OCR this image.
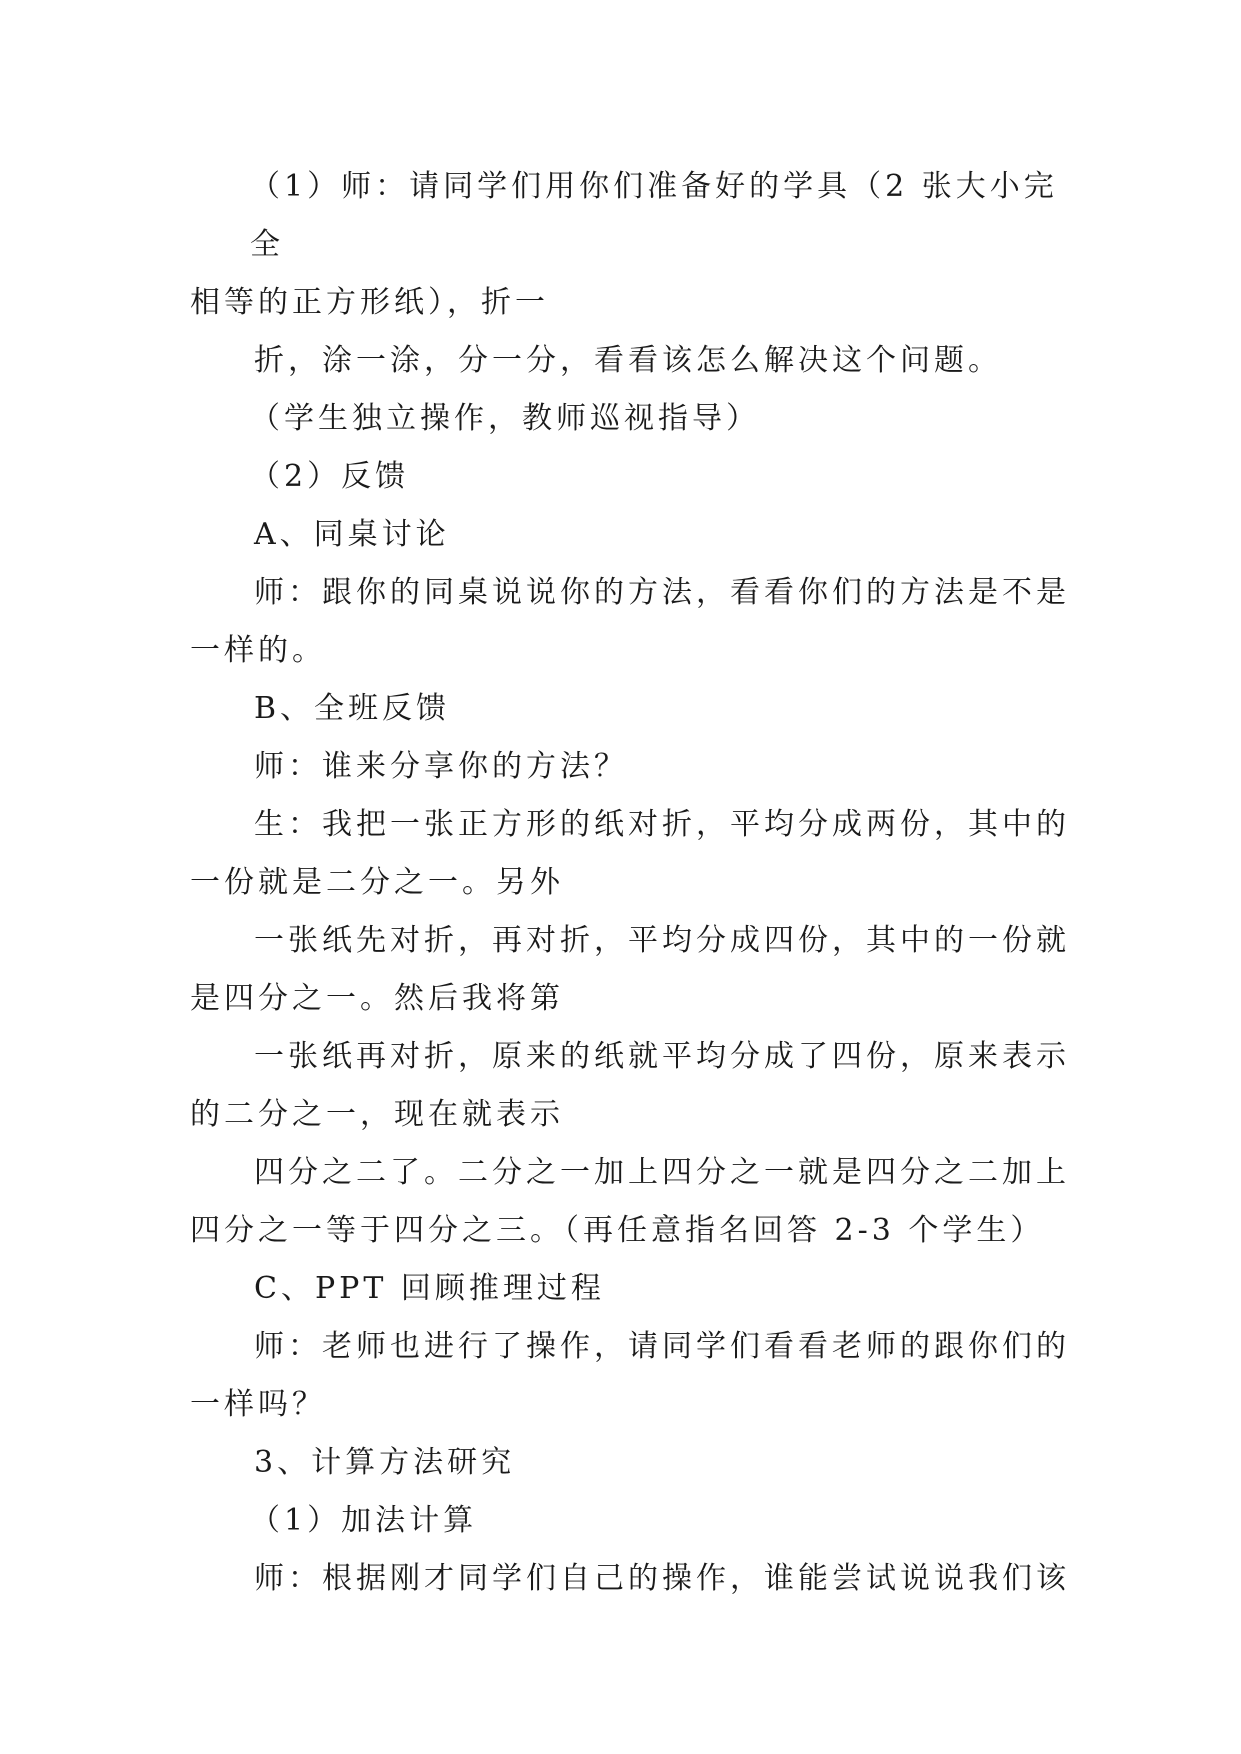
（1）师：请同学们用你们准备好的学具（2 张大小完全

相等的正方形纸），折一

折，涂一涂，分一分，看看该怎么解决这个问题。

（学生独立操作，教师巡视指导）

（2）反馈

A、同桌讨论

师：跟你的同桌说说你的方法，看看你们的方法是不是

一样的。

B、全班反馈

师：谁来分享你的方法？

生：我把一张正方形的纸对折，平均分成两份，其中的

一份就是二分之一。另外

一张纸先对折，再对折，平均分成四份，其中的一份就

是四分之一。然后我将第

一张纸再对折，原来的纸就平均分成了四份，原来表示

的二分之一，现在就表示

四分之二了。二分之一加上四分之一就是四分之二加上

四分之一等于四分之三。（再任意指名回答 2-3 个学生）

C、PPT 回顾推理过程

师：老师也进行了操作，请同学们看看老师的跟你们的

一样吗？

3、计算方法研究

（1）加法计算

师：根据刚才同学们自己的操作，谁能尝试说说我们该
